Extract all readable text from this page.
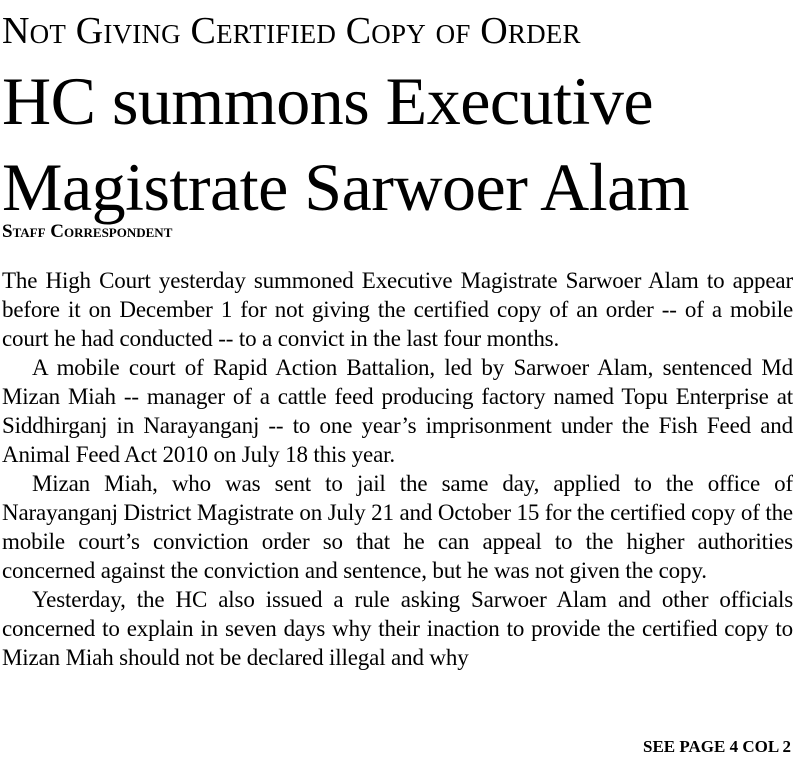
Not Giving Certified Copy of Order
HC summons Executive Magistrate Sarwoer Alam
Staff Correspondent

The High Court yesterday summoned Executive Magistrate Sarwoer Alam to appear before it on December 1 for not giving the certified copy of an order -- of a mobile court he had conducted -- to a convict in the last four months.

A mobile court of Rapid Action Battalion, led by Sarwoer Alam, sentenced Md Mizan Miah -- manager of a cattle feed producing factory named Topu Enterprise at Siddhirganj in Narayanganj -- to one year’s imprisonment under the Fish Feed and Animal Feed Act 2010 on July 18 this year.

Mizan Miah, who was sent to jail the same day, applied to the office of Narayanganj District Magistrate on July 21 and October 15 for the certified copy of the mobile court’s conviction order so that he can appeal to the higher authorities concerned against the conviction and sentence, but he was not given the copy.

Yesterday, the HC also issued a rule asking Sarwoer Alam and other officials concerned to explain in seven days why their inaction to provide the certified copy to Mizan Miah should not be declared illegal and why

SEE PAGE 4 COL 2
